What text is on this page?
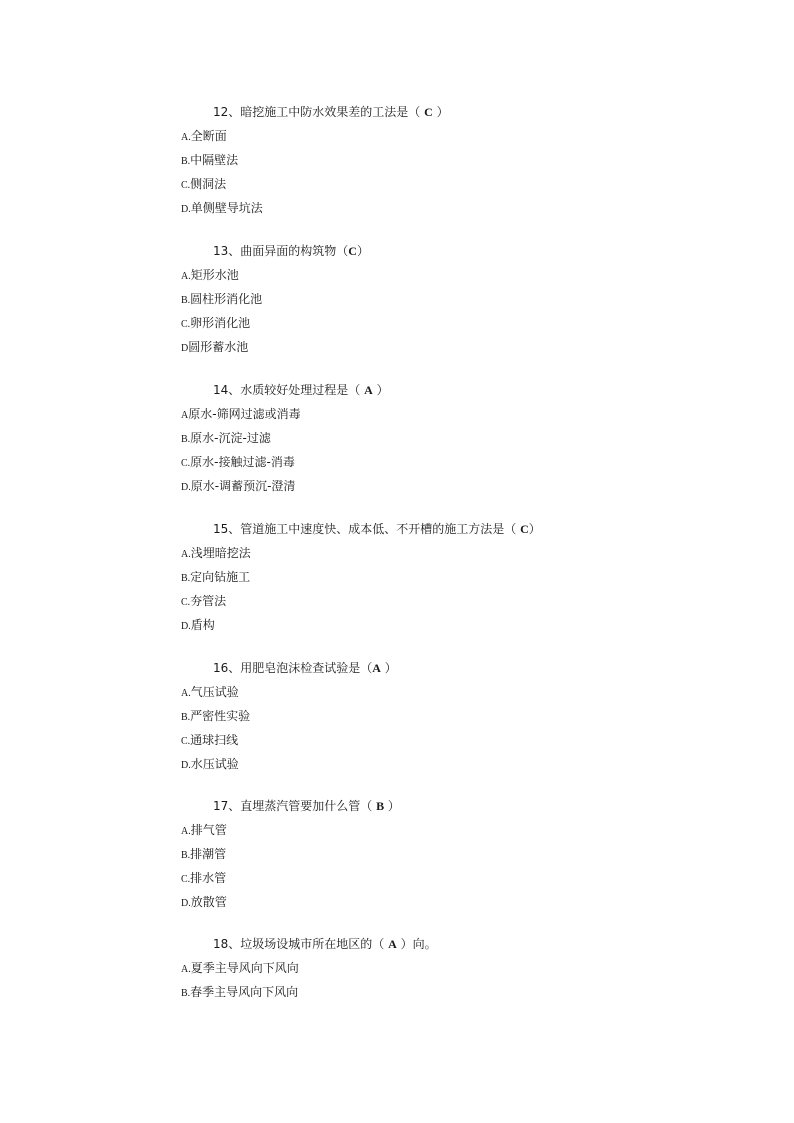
12、暗挖施工中防水效果差的工法是（ C ）
A.全断面
B.中隔壁法
C.侧洞法
D.单侧壁导坑法
13、曲面异面的构筑物（C）
A.矩形水池
B.圆柱形消化池
C.卵形消化池
D圆形蓄水池
14、水质较好处理过程是（ A ）
A原水-筛网过滤或消毒
B.原水-沉淀-过滤
C.原水-接触过滤-消毒
D.原水-调蓄预沉-澄清
15、管道施工中速度快、成本低、不开槽的施工方法是（ C）
A.浅埋暗挖法
B.定向钻施工
C.夯管法
D.盾构
16、用肥皂泡沫检查试验是（A ）
A.气压试验
B.严密性实验
C.通球扫线
D.水压试验
17、直埋蒸汽管要加什么管（ B ）
A.排气管
B.排潮管
C.排水管
D.放散管
18、垃圾场设城市所在地区的（ A ）向。
A.夏季主导风向下风向
B.春季主导风向下风向
